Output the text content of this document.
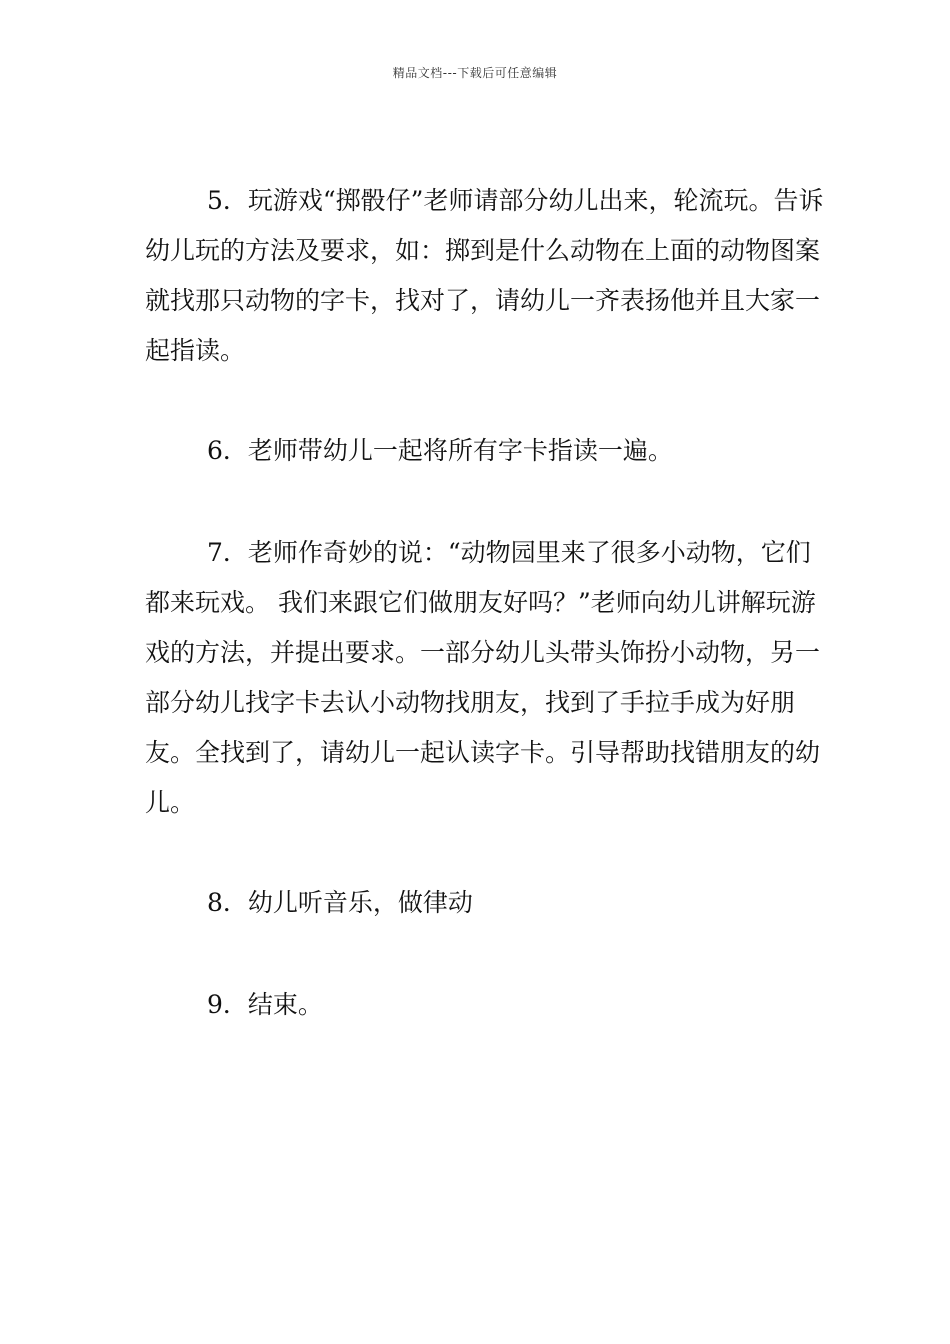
精品文档---下载后可任意编辑

5．玩游戏“掷骰仔”老师请部分幼儿出来，轮流玩。告诉幼儿玩的方法及要求，如：掷到是什么动物在上面的动物图案就找那只动物的字卡，找对了，请幼儿一齐表扬他并且大家一起指读。

6．老师带幼儿一起将所有字卡指读一遍。

7．老师作奇妙的说：“动物园里来了很多小动物，它们都来玩戏。 我们来跟它们做朋友好吗？”老师向幼儿讲解玩游戏的方法，并提出要求。一部分幼儿头带头饰扮小动物，另一部分幼儿找字卡去认小动物找朋友，找到了手拉手成为好朋友。全找到了，请幼儿一起认读字卡。引导帮助找错朋友的幼儿。

8．幼儿听音乐，做律动

9．结束。
